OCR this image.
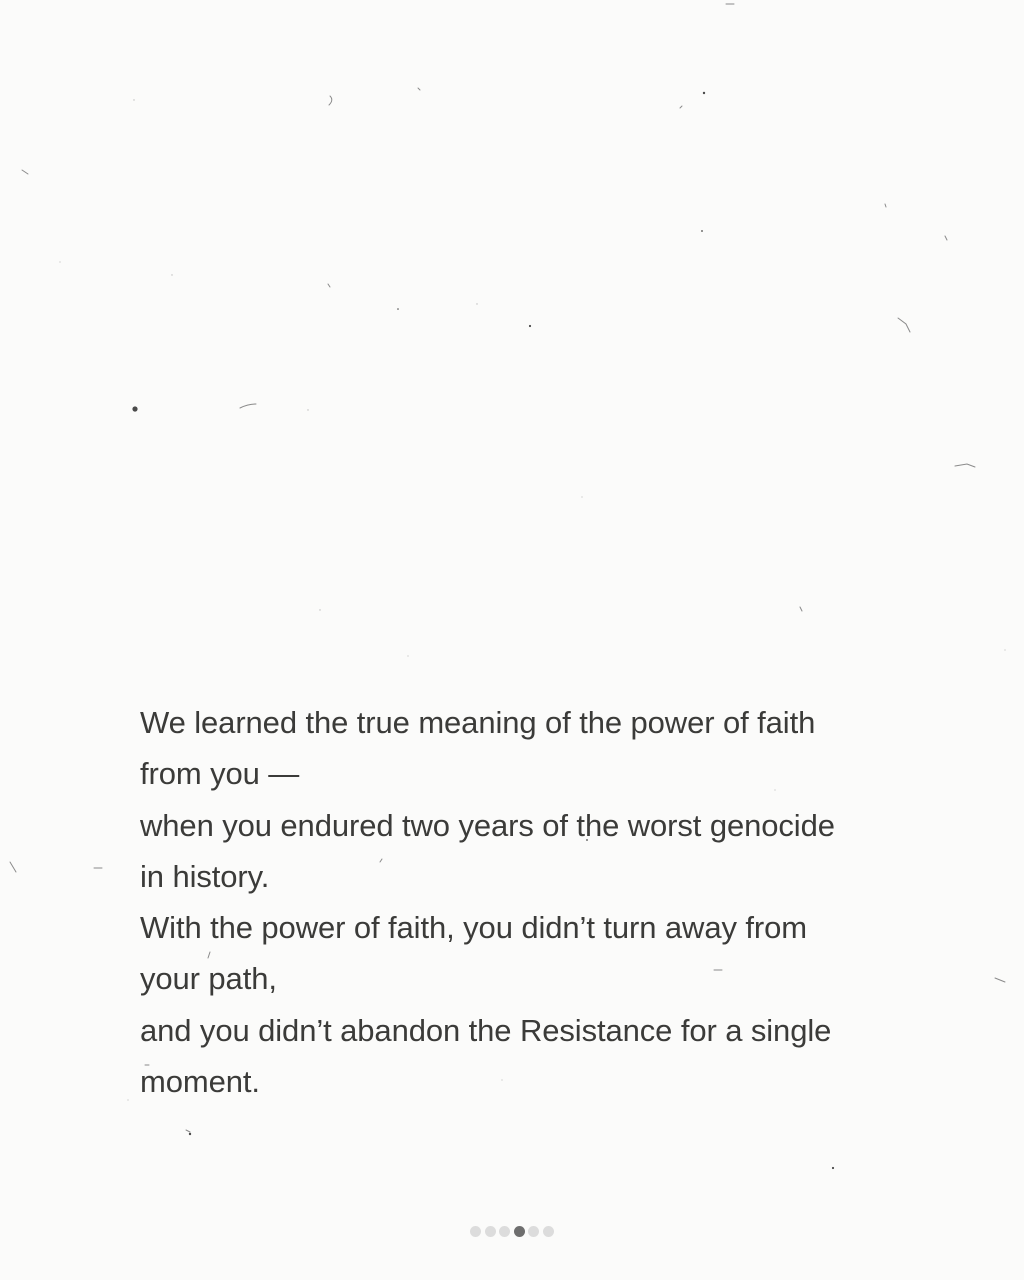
We learned the true meaning of the power of faith
from you —
when you endured two years of the worst genocide
in history.
With the power of faith, you didn’t turn away from
your path,
and you didn’t abandon the Resistance for a single
moment.
